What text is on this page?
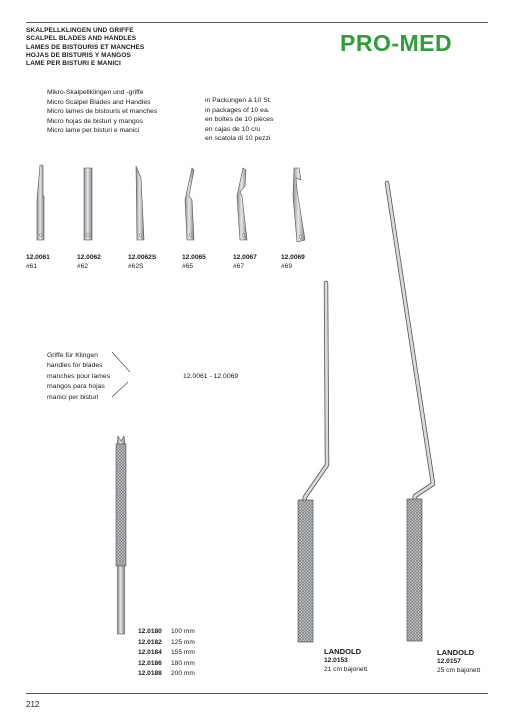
SKALPELLKLINGEN UND GRIFFE
SCALPEL BLADES AND HANDLES
LAMES DE BISTOURIS ET MANCHES
HOJAS DE BISTURIS Y MANGOS
LAME PER BISTURI E MANICI
PRO-MED
Mikro-Skalpellklingen und -griffe
Micro Scalpel Blades and Handles
Micro lames de bistouris et manches
Micro hojas de bisturí y mangos
Micro lame per bisturi e manici
in Packungen à 10 St.
in packages of 10 ea.
en boîtes de 10 pièces
en cajas de 10 c/u
en scatola di 10 pezzi
12.0061
#61
12.0062
#62
12.0062S
#62S
12.0065
#65
12.0067
#67
12.0069
#69
Griffe für Klingen
handles for blades
manches pour lames
mangos para hojas
manici per bisturi
12.0061 - 12.0069
12.0180 100 mm
12.0182 125 mm
12.0184 155 mm
12.0186 180 mm
12.0188 200 mm
LANDOLD
12.0153
21 cm bajonett
LANDOLD
12.0157
25 cm bajonett
212
